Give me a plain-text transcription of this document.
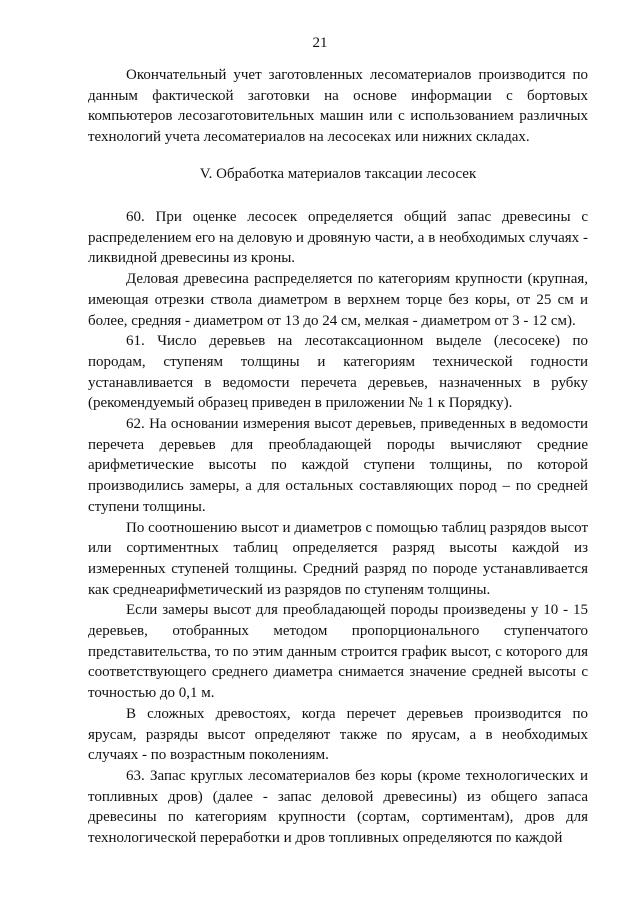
21

Окончательный учет заготовленных лесоматериалов производится по данным фактической заготовки на основе информации с бортовых компьютеров лесозаготовительных машин или с использованием различных технологий учета лесоматериалов на лесосеках или нижних складах.

V. Обработка материалов таксации лесосек

60. При оценке лесосек определяется общий запас древесины с распределением его на деловую и дровяную части, а в необходимых случаях - ликвидной древесины из кроны.

Деловая древесина распределяется по категориям крупности (крупная, имеющая отрезки ствола диаметром в верхнем торце без коры, от 25 см и более, средняя - диаметром от 13 до 24 см, мелкая - диаметром от 3 - 12 см).

61. Число деревьев на лесотаксационном выделе (лесосеке) по породам, ступеням толщины и категориям технической годности устанавливается в ведомости перечета деревьев, назначенных в рубку (рекомендуемый образец приведен в приложении № 1 к Порядку).

62. На основании измерения высот деревьев, приведенных в ведомости перечета деревьев для преобладающей породы вычисляют средние арифметические высоты по каждой ступени толщины, по которой производились замеры, а для остальных составляющих пород – по средней ступени толщины.

По соотношению высот и диаметров с помощью таблиц разрядов высот или сортиментных таблиц определяется разряд высоты каждой из измеренных ступеней толщины. Средний разряд по породе устанавливается как среднеарифметический из разрядов по ступеням толщины.

Если замеры высот для преобладающей породы произведены у 10 - 15 деревьев, отобранных методом пропорционального ступенчатого представительства, то по этим данным строится график высот, с которого для соответствующего среднего диаметра снимается значение средней высоты с точностью до 0,1 м.

В сложных древостоях, когда перечет деревьев производится по ярусам, разряды высот определяют также по ярусам, а в необходимых случаях - по возрастным поколениям.

63. Запас круглых лесоматериалов без коры (кроме технологических и топливных дров) (далее - запас деловой древесины) из общего запаса древесины по категориям крупности (сортам, сортиментам), дров для технологической переработки и дров топливных определяются по каждой
